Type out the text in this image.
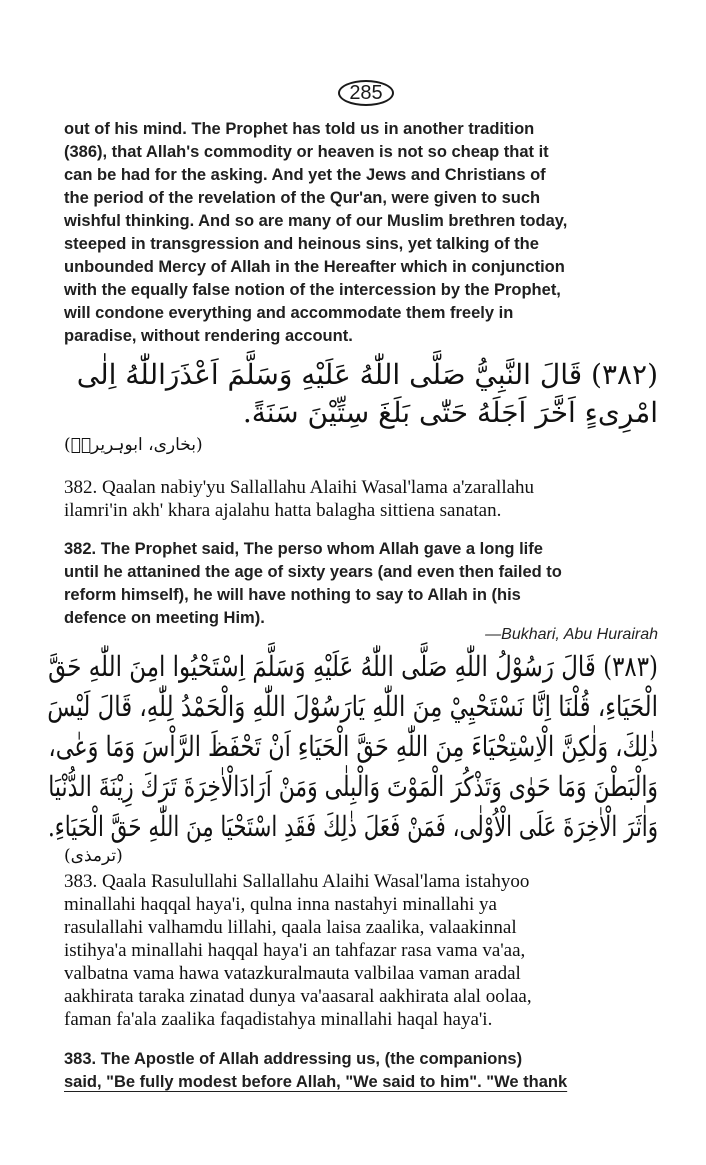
285
out of his mind. The Prophet has told us in another tradition
(386), that Allah's commodity or heaven is not so cheap that it
can be had for the asking. And yet the Jews and Christians of
the period of the revelation of the Qur'an, were given to such
wishful thinking. And so are many of our Muslim brethren today,
steeped in transgression and heinous sins, yet talking of the
unbounded Mercy of Allah in the Hereafter which in conjunction
with the equally false notion of the intercession by the Prophet,
will condone everything and accommodate them freely in
paradise, without rendering account.
(٣٨٢) قَالَ النَّبِيُّ صَلَّى اللّٰهُ عَلَيْهِ وَسَلَّمَ اَعْذَرَاللّٰهُ اِلٰى
امْرِىءٍ اَخَّرَ اَجَلَهُ حَتّٰى بَلَغَ سِتِّيْنَ سَنَةً.
(بخاری، ابوہریرہؓ)
382. Qaalan nabiy'yu Sallallahu Alaihi Wasal'lama a'zarallahu
ilamri'in akh' khara ajalahu hatta balagha sittiena sanatan.
382. The Prophet said, The perso whom Allah gave a long life
until he attanined the age of sixty years (and even then failed to
reform himself), he will have nothing to say to Allah in (his
defence on meeting Him).
—Bukhari, Abu Hurairah
(٣٨٣) قَالَ رَسُوْلُ اللّٰهِ صَلَّى اللّٰهُ عَلَيْهِ وَسَلَّمَ اِسْتَحْيُوا امِنَ اللّٰهِ حَقَّ
الْحَيَاءِ، قُلْنَا اِنَّا نَسْتَحْيِيْ مِنَ اللّٰهِ يَارَسُوْلَ اللّٰهِ وَالْحَمْدُ لِلّٰهِ، قَالَ لَيْسَ
ذٰلِكَ، وَلٰكِنَّ الْاِسْتِحْيَاءَ مِنَ اللّٰهِ حَقَّ الْحَيَاءِ اَنْ تَحْفَظَ الرَّاْسَ وَمَا وَعٰى،
وَالْبَطْنَ وَمَا حَوٰى وَتَذْكُرَ الْمَوْتَ وَالْبِلٰى وَمَنْ اَرَادَالْاٰخِرَةَ تَرَكَ زِيْنَةَ الدُّنْيَا
وَاٰثَرَ الْاٰخِرَةَ عَلَى الْاُوْلٰى، فَمَنْ فَعَلَ ذٰلِكَ فَقَدِ اسْتَحْيَا مِنَ اللّٰهِ حَقَّ الْحَيَاءِ.
(ترمذی)
383. Qaala Rasulullahi Sallallahu Alaihi Wasal'lama istahyoo
minallahi haqqal haya'i, qulna inna nastahyi minallahi ya
rasulallahi valhamdu lillahi, qaala laisa zaalika, valaakinnal
istihya'a minallahi haqqal haya'i an tahfazar rasa vama va'aa,
valbatna vama hawa vatazkuralmauta valbilaa vaman aradal
aakhirata taraka zinatad dunya va'aasaral aakhirata alal oolaa,
faman fa'ala zaalika faqadistahya minallahi haqal haya'i.
383. The Apostle of Allah addressing us, (the companions)
said, "Be fully modest before Allah, "We said to him". "We thank
